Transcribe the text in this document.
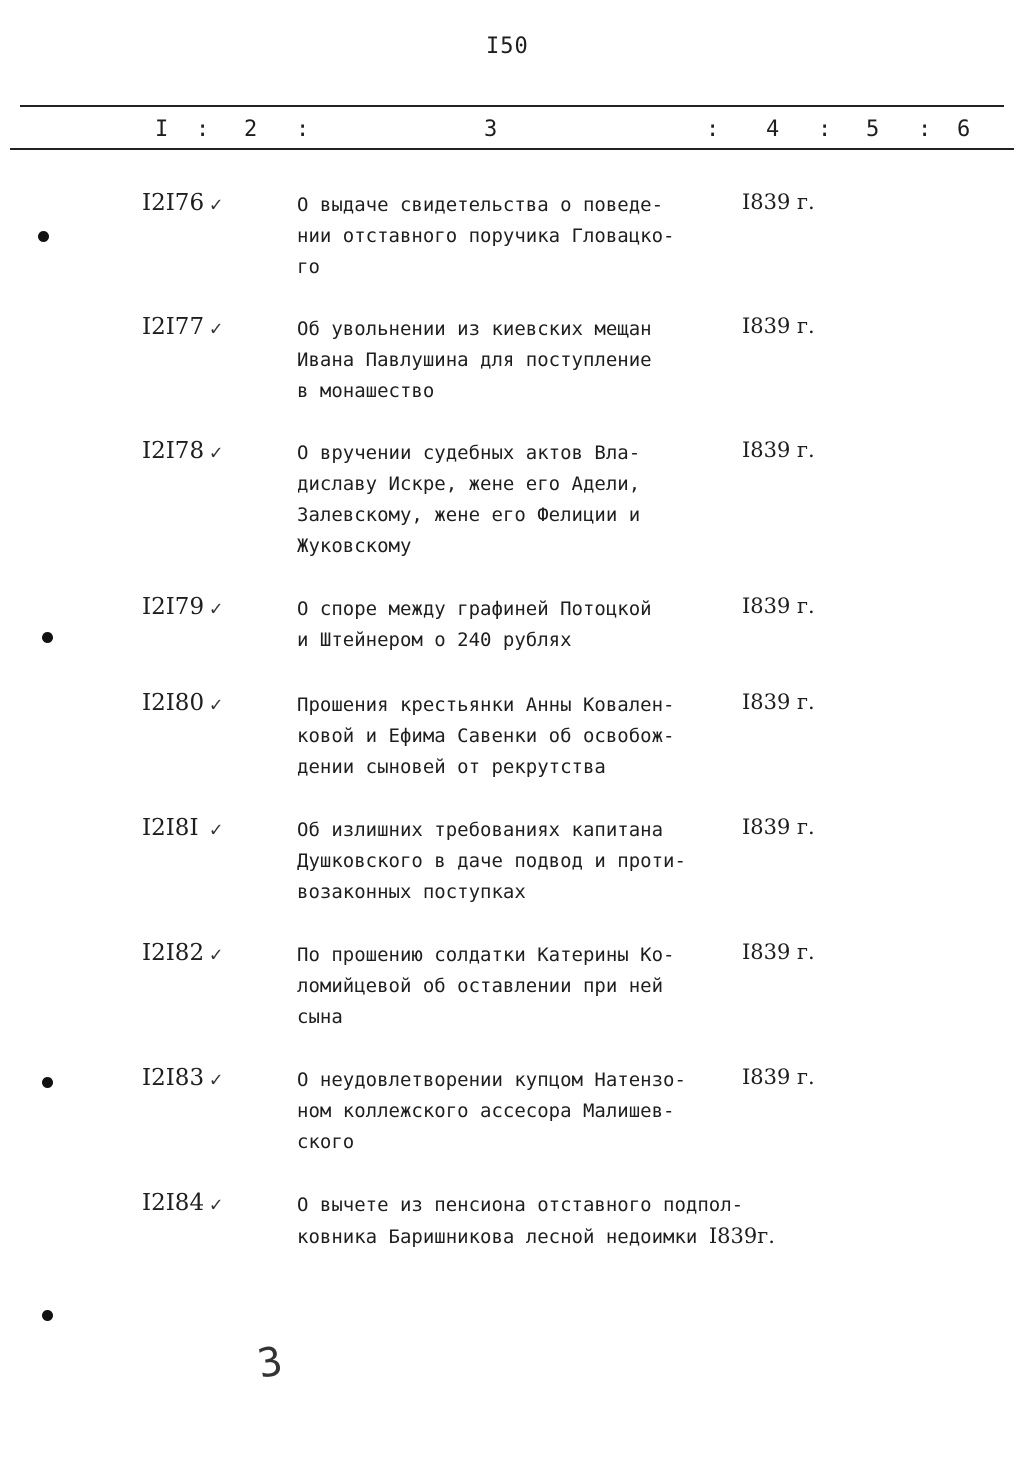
I50
I : 2 :	3	: 4 : 5 : 6
I2I76 ✓	О выдаче свидетельства о поведе-
нии отставного поручика Гловацко-
го
I839 г.
I2I77 ✓	Об увольнении из киевских мещан
Ивана Павлушина для поступление
в монашество
I839 г.
I2I78 ✓	О вручении судебных актов Вла-
диславу Искре, жене его Адели,
Залевскому, жене его Фелиции и
Жуковскому
I839 г.
I2I79 ✓	О споре между графиней Потоцкой
и Штейнером о 240 рублях
I839 г.
I2I80 ✓	Прошения крестьянки Анны Ковален-
ковой и Ефима Савенки об освобож-
дении сыновей от рекрутства
I839 г.
I2I8I ✓	Об излишних требованиях капитана
Душковского в даче подвод и проти-
возаконных поступках
I839 г.
I2I82 ✓	По прошению солдатки Катерины Ко-
ломийцевой об оставлении при ней
сына
I839 г.
I2I83 ✓	О неудовлетворении купцом Натензо-
ном коллежского ассесора Малишев-
ского
I839 г.
I2I84 ✓	О вычете из пенсиона отставного подпол-
ковника Баришникова лесной недоимки I839г.
3
